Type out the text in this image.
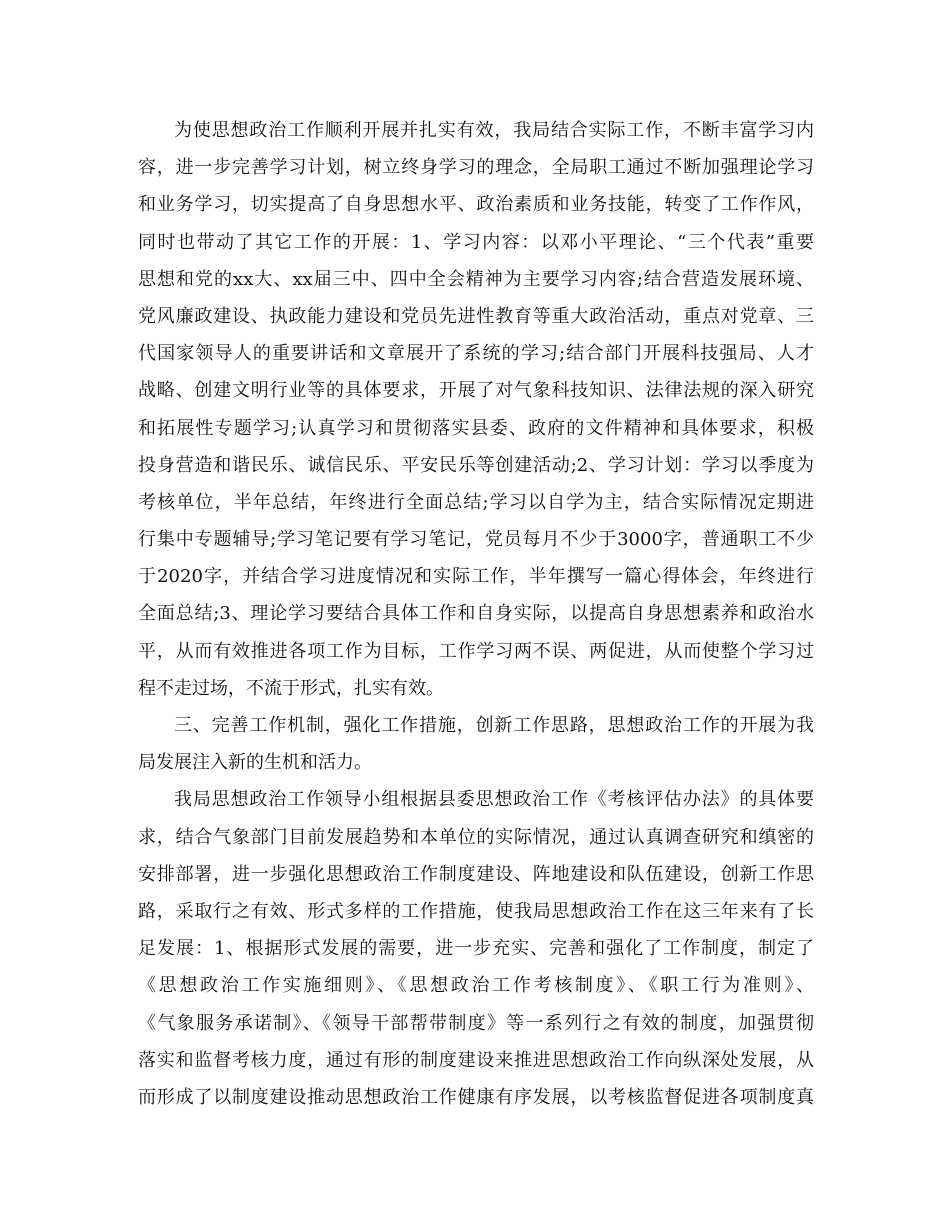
为使思想政治工作顺利开展并扎实有效，我局结合实际工作，不断丰富学习内
容，进一步完善学习计划，树立终身学习的理念，全局职工通过不断加强理论学习
和业务学习，切实提高了自身思想水平、政治素质和业务技能，转变了工作作风，
同时也带动了其它工作的开展：1、学习内容：以邓小平理论、“三个代表”重要
思想和党的xx大、xx届三中、四中全会精神为主要学习内容;结合营造发展环境、
党风廉政建设、执政能力建设和党员先进性教育等重大政治活动，重点对党章、三
代国家领导人的重要讲话和文章展开了系统的学习;结合部门开展科技强局、人才
战略、创建文明行业等的具体要求，开展了对气象科技知识、法律法规的深入研究
和拓展性专题学习;认真学习和贯彻落实县委、政府的文件精神和具体要求，积极
投身营造和谐民乐、诚信民乐、平安民乐等创建活动;2、学习计划：学习以季度为
考核单位，半年总结，年终进行全面总结;学习以自学为主，结合实际情况定期进
行集中专题辅导;学习笔记要有学习笔记，党员每月不少于3000字，普通职工不少
于2020字，并结合学习进度情况和实际工作，半年撰写一篇心得体会，年终进行
全面总结;3、理论学习要结合具体工作和自身实际，以提高自身思想素养和政治水
平，从而有效推进各项工作为目标，工作学习两不误、两促进，从而使整个学习过
程不走过场，不流于形式，扎实有效。
三、完善工作机制，强化工作措施，创新工作思路，思想政治工作的开展为我
局发展注入新的生机和活力。
我局思想政治工作领导小组根据县委思想政治工作《考核评估办法》的具体要
求，结合气象部门目前发展趋势和本单位的实际情况，通过认真调查研究和缜密的
安排部署，进一步强化思想政治工作制度建设、阵地建设和队伍建设，创新工作思
路，采取行之有效、形式多样的工作措施，使我局思想政治工作在这三年来有了长
足发展：1、根据形式发展的需要，进一步充实、完善和强化了工作制度，制定了
《思想政治工作实施细则》、《思想政治工作考核制度》、《职工行为准则》、
《气象服务承诺制》、《领导干部帮带制度》等一系列行之有效的制度，加强贯彻
落实和监督考核力度，通过有形的制度建设来推进思想政治工作向纵深处发展，从
而形成了以制度建设推动思想政治工作健康有序发展，以考核监督促进各项制度真
